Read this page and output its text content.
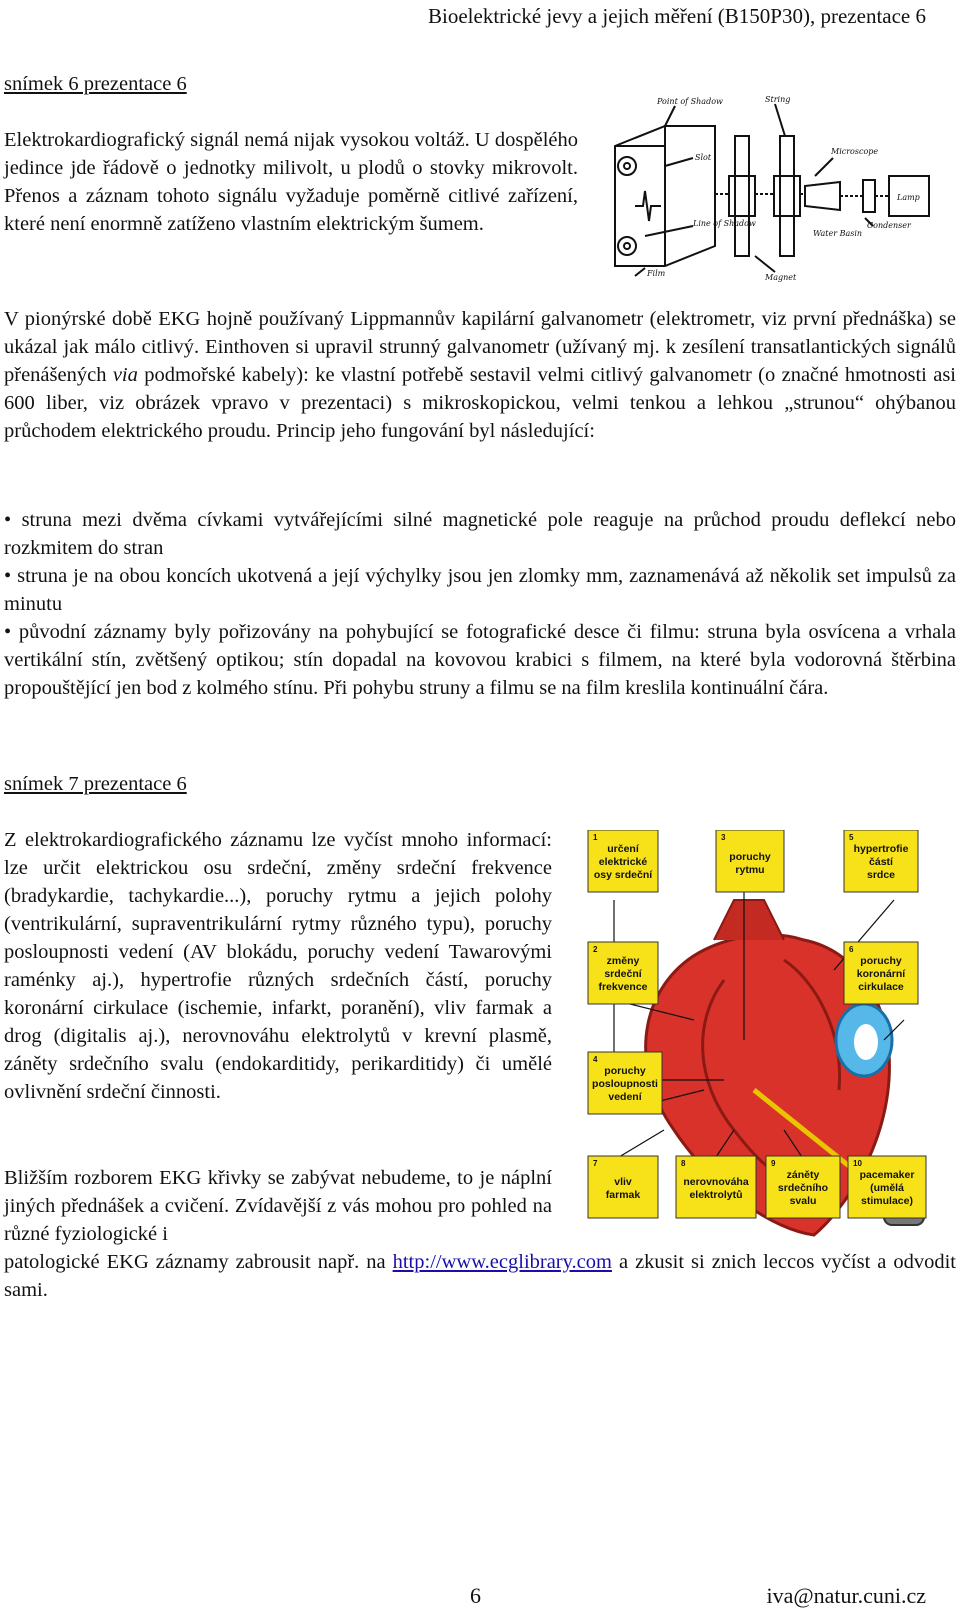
Bioelektrické jevy a jejich měření (B150P30), prezentace 6
snímek 6 prezentace 6

Elektrokardiografický signál nemá nijak vysokou voltáž. U dospělého jedince jde řádově o jednotky milivolt, u plodů o stovky mikrovolt. Přenos a záznam tohoto signálu vyžaduje poměrně citlivé zařízení, které není enormně zatíženo vlastním elektrickým šumem.

Point of Shadow	String
Slot
Line of Shadow
Magnet
Water Basin
Microscope
Condenser
Lamp
Film

V pionýrské době EKG hojně používaný Lippmannův kapilární galvanometr (elektrometr, viz první přednáška) se ukázal jak málo citlivý. Einthoven si upravil strunný galvanometr (užívaný mj. k zesílení transatlantických signálů přenášených via podmořské kabely): ke vlastní potřebě sestavil velmi citlivý galvanometr (o značné hmotnosti asi 600 liber, viz obrázek vpravo v prezentaci) s mikroskopickou, velmi tenkou a lehkou „strunou“ ohýbanou průchodem elektrického proudu. Princip jeho fungování byl následující:

• struna mezi dvěma cívkami vytvářejícími silné magnetické pole reaguje na průchod proudu deflekcí nebo rozkmitem do stran

• struna je na obou koncích ukotvená a její výchylky jsou jen zlomky mm, zaznamenává až několik set impulsů za minutu

• původní záznamy byly pořizovány na pohybující se fotografické desce či filmu: struna byla osvícena a vrhala vertikální stín, zvětšený optikou; stín dopadal na kovovou krabici s filmem, na které byla vodorovná štěrbina propouštějící jen bod z kolmého stínu. Při pohybu struny a filmu se na film kreslila kontinuální čára.

snímek 7 prezentace 6

Z elektrokardiografického záznamu lze vyčíst mnoho informací: lze určit elektrickou osu srdeční, změny srdeční frekvence (bradykardie, tachykardie...), poruchy rytmu a jejich polohy (ventrikulární, supraventrikulární rytmy různého typu), poruchy posloupnosti vedení (AV blokádu, poruchy vedení Tawarovými raménky aj.), hypertrofie různých srdečních částí, poruchy koronární cirkulace (ischemie, infarkt, poranění), vliv farmak a drog (digitalis aj.), nerovnováhu elektrolytů v krevní plasmě, záněty srdečního svalu (endokarditidy, perikarditidy) či umělé ovlivnění srdeční činnosti.

1
určení
elektrické
osy srdeční
3
poruchy
rytmu
5
hypertrofie
částí
srdce
2
změny
srdeční
frekvence
6
poruchy
koronární
cirkulace
4
poruchy
posloupnosti
vedení
7
vliv
farmak
8
nerovnováha
elektrolytů
9
záněty
srdečního
svalu
10
pacemaker
(umělá
stimulace)

Bližším rozborem EKG křivky se zabývat nebudeme, to je náplní jiných přednášek a cvičení. Zvídavější z vás mohou pro pohled na různé fyziologické i

patologické EKG záznamy zabrousit např. na http://www.ecglibrary.com a zkusit si znich leccos vyčíst a odvodit sami.

6	iva@natur.cuni.cz
